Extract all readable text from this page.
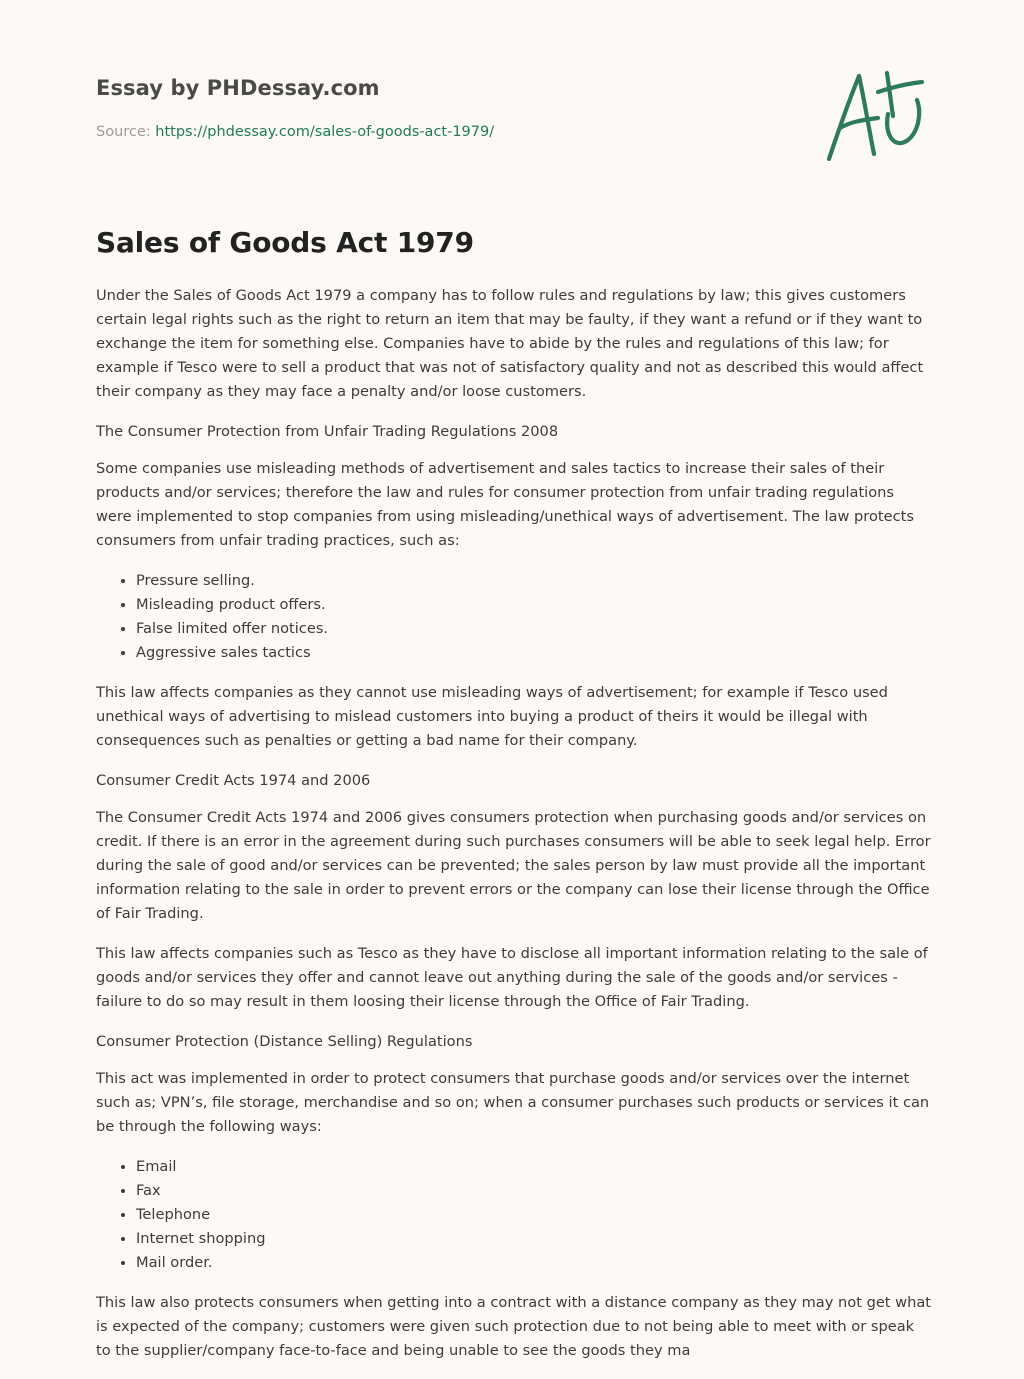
Essay by PHDessay.com
Source: https://phdessay.com/sales-of-goods-act-1979/
Sales of Goods Act 1979

Under the Sales of Goods Act 1979 a company has to follow rules and regulations by law; this gives customers certain legal rights such as the right to return an item that may be faulty, if they want a refund or if they want to exchange the item for something else. Companies have to abide by the rules and regulations of this law; for example if Tesco were to sell a product that was not of satisfactory quality and not as described this would affect their company as they may face a penalty and/or loose customers.

The Consumer Protection from Unfair Trading Regulations 2008

Some companies use misleading methods of advertisement and sales tactics to increase their sales of their products and/or services; therefore the law and rules for consumer protection from unfair trading regulations were implemented to stop companies from using misleading/unethical ways of advertisement. The law protects consumers from unfair trading practices, such as:

• Pressure selling.
• Misleading product offers.
• False limited offer notices.
• Aggressive sales tactics

This law affects companies as they cannot use misleading ways of advertisement; for example if Tesco used unethical ways of advertising to mislead customers into buying a product of theirs it would be illegal with consequences such as penalties or getting a bad name for their company.

Consumer Credit Acts 1974 and 2006

The Consumer Credit Acts 1974 and 2006 gives consumers protection when purchasing goods and/or services on credit. If there is an error in the agreement during such purchases consumers will be able to seek legal help. Error during the sale of good and/or services can be prevented; the sales person by law must provide all the important information relating to the sale in order to prevent errors or the company can lose their license through the Office of Fair Trading.

This law affects companies such as Tesco as they have to disclose all important information relating to the sale of goods and/or services they offer and cannot leave out anything during the sale of the goods and/or services - failure to do so may result in them loosing their license through the Office of Fair Trading.

Consumer Protection (Distance Selling) Regulations

This act was implemented in order to protect consumers that purchase goods and/or services over the internet such as; VPN’s, file storage, merchandise and so on; when a consumer purchases such products or services it can be through the following ways:

• Email
• Fax
• Telephone
• Internet shopping
• Mail order.

This law also protects consumers when getting into a contract with a distance company as they may not get what is expected of the company; customers were given such protection due to not being able to meet with or speak to the supplier/company face-to-face and being unable to see the goods they ma
